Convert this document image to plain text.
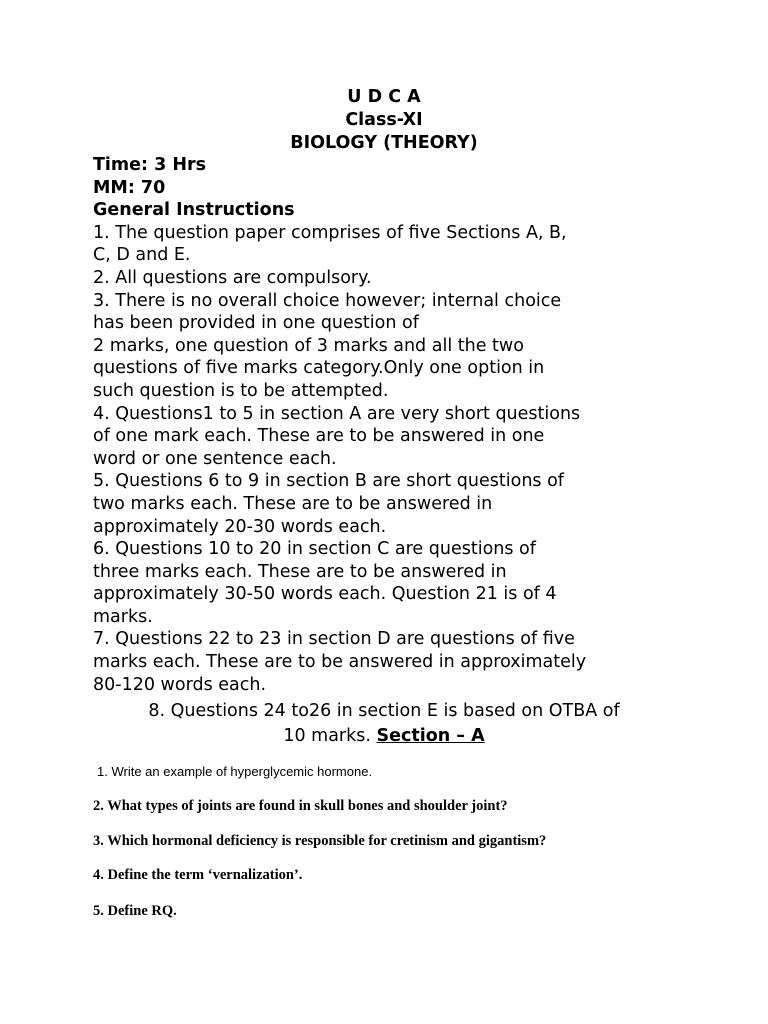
U D C A
Class-XI
BIOLOGY (THEORY)
Time: 3 Hrs
MM: 70
General Instructions
1. The question paper comprises of five Sections A, B,
C, D and E.
2. All questions are compulsory.
3. There is no overall choice however; internal choice
has been provided in one question of
2 marks, one question of 3 marks and all the two
questions of five marks category.Only one option in
such question is to be attempted.
4. Questions1 to 5 in section A are very short questions
of one mark each. These are to be answered in one
word or one sentence each.
5. Questions 6 to 9 in section B are short questions of
two marks each. These are to be answered in
approximately 20-30 words each.
6. Questions 10 to 20 in section C are questions of
three marks each. These are to be answered in
approximately 30-50 words each. Question 21 is of 4
marks.
7. Questions 22 to 23 in section D are questions of five
marks each. These are to be answered in approximately
80-120 words each.
8. Questions 24 to26 in section E is based on OTBA of
10 marks. Section – A
1. Write an example of hyperglycemic hormone.
2. What types of joints are found in skull bones and shoulder joint?
3. Which hormonal deficiency is responsible for cretinism and gigantism?
4. Define the term ‘vernalization’.
5. Define RQ.
